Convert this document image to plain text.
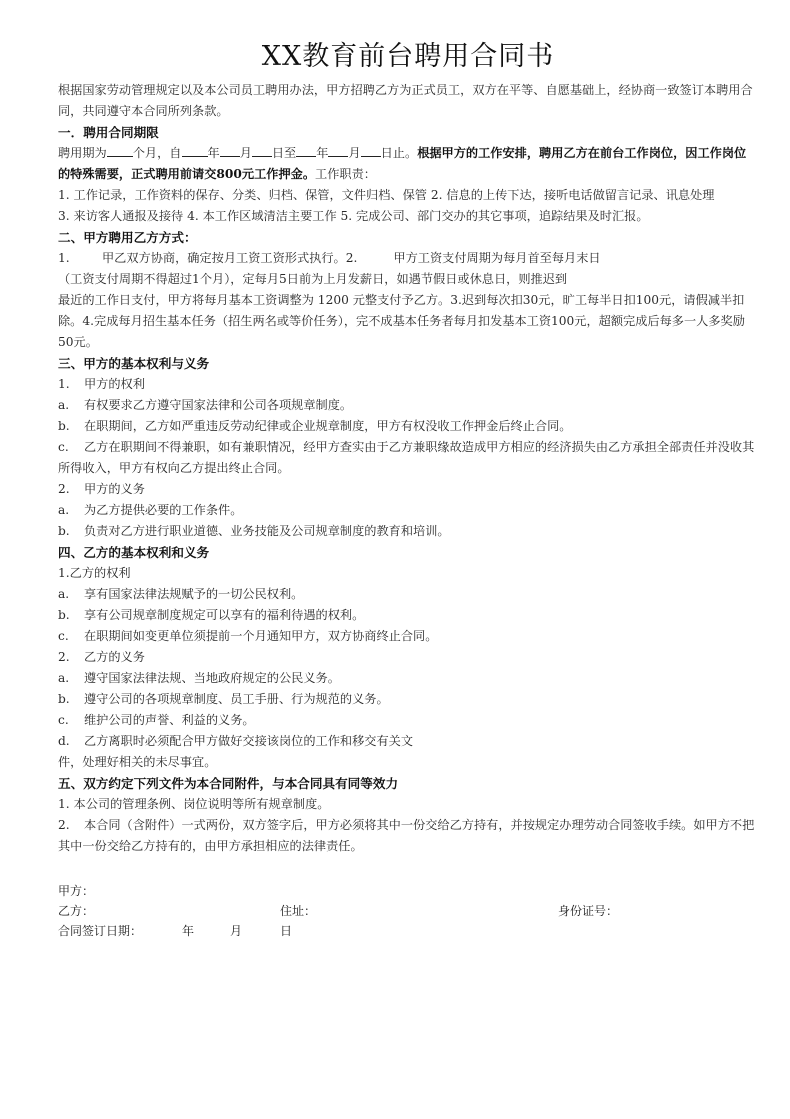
XX教育前台聘用合同书

根据国家劳动管理规定以及本公司员工聘用办法，甲方招聘乙方为正式员工，双方在平等、自愿基础上，经协商一致签订本聘用合同，共同遵守本合同所列条款。

一．聘用合同期限

聘用期为 个月，自 年 月 日至 年 月 日止。根据甲方的工作安排，聘用乙方在前台工作岗位，因工作岗位的特殊需要，正式聘用前请交800元工作押金。工作职责：

1. 工作记录，工作资料的保存、分类、归档、保管，文件归档、保管 2. 信息的上传下达，接听电话做留言记录、讯息处理

3. 来访客人通报及接待 4. 本工作区域清洁主要工作 5. 完成公司、部门交办的其它事项，追踪结果及时汇报。

二、甲方聘用乙方方式：

1.	甲乙双方协商，确定按月工资工资形式执行。2.	甲方工资支付周期为每月首至每月末日

（工资支付周期不得超过1个月），定每月5日前为上月发薪日，如遇节假日或休息日，则推迟到

最近的工作日支付，甲方将每月基本工资调整为 1200 元整支付予乙方。3.迟到每次扣30元，旷工每半日扣100元，请假减半扣除。4.完成每月招生基本任务（招生两名或等价任务），完不成基本任务者每月扣发基本工资100元，超额完成后每多一人多奖励50元。

三、甲方的基本权利与义务

1. 甲方的权利

a. 有权要求乙方遵守国家法律和公司各项规章制度。

b. 在职期间，乙方如严重违反劳动纪律或企业规章制度，甲方有权没收工作押金后终止合同。

c. 乙方在职期间不得兼职，如有兼职情况，经甲方查实由于乙方兼职缘故造成甲方相应的经济损失由乙方承担全部责任并没收其所得收入，甲方有权向乙方提出终止合同。

2. 甲方的义务

a. 为乙方提供必要的工作条件。

b. 负责对乙方进行职业道德、业务技能及公司规章制度的教育和培训。

四、乙方的基本权利和义务

1.乙方的权利

a. 享有国家法律法规赋予的一切公民权利。

b. 享有公司规章制度规定可以享有的福利待遇的权利。

c. 在职期间如变更单位须提前一个月通知甲方，双方协商终止合同。

2. 乙方的义务

a. 遵守国家法律法规、当地政府规定的公民义务。

b. 遵守公司的各项规章制度、员工手册、行为规范的义务。

c. 维护公司的声誉、利益的义务。

d. 乙方离职时必须配合甲方做好交接该岗位的工作和移交有关文

件，处理好相关的未尽事宜。

五、双方约定下列文件为本合同附件，与本合同具有同等效力

1. 本公司的管理条例、岗位说明等所有规章制度。

2. 本合同（含附件）一式两份，双方签字后，甲方必须将其中一份交给乙方持有，并按规定办理劳动合同签收手续。如甲方不把其中一份交给乙方持有的，由甲方承担相应的法律责任。

甲方：
乙方：	住址：	身份证号：
合同签订日期：	年	月	日
